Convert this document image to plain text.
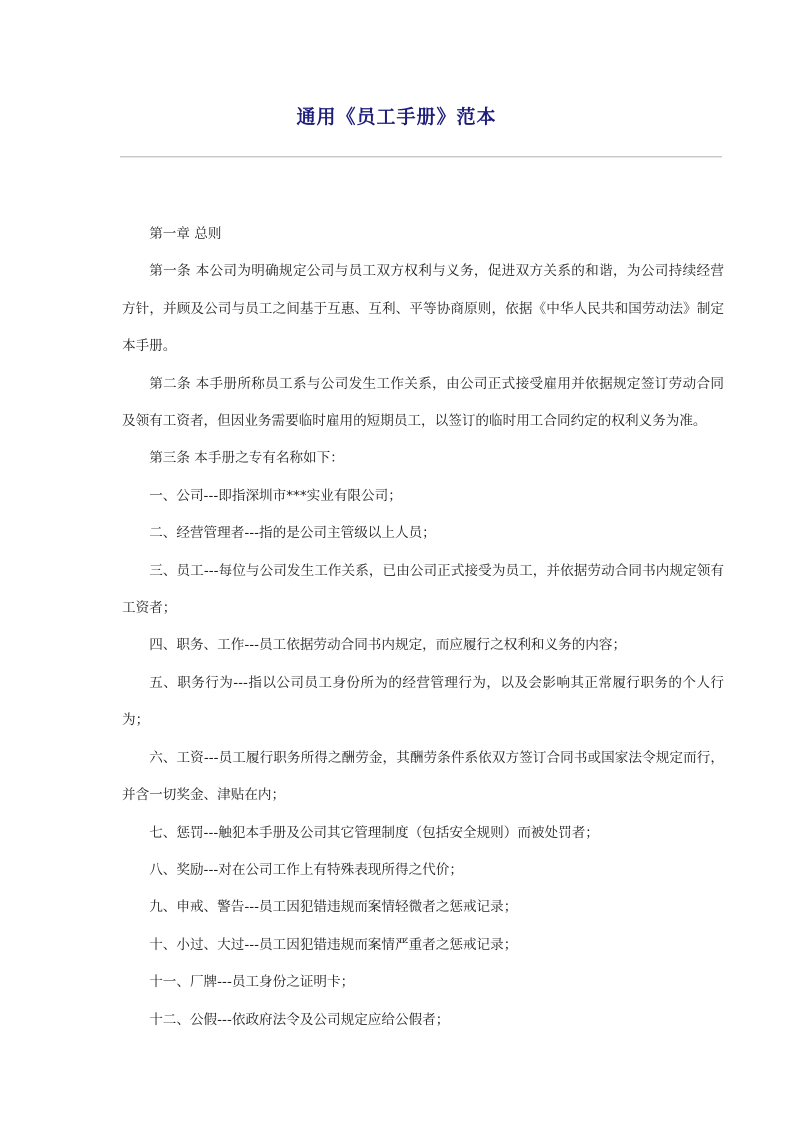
通用《员工手册》范本

第一章 总则

第一条 本公司为明确规定公司与员工双方权利与义务，促进双方关系的和谐，为公司持续经营方针，并顾及公司与员工之间基于互惠、互利、平等协商原则，依据《中华人民共和国劳动法》制定本手册。

第二条 本手册所称员工系与公司发生工作关系，由公司正式接受雇用并依据规定签订劳动合同及领有工资者，但因业务需要临时雇用的短期员工，以签订的临时用工合同约定的权利义务为准。

第三条 本手册之专有名称如下：

一、公司---即指深圳市***实业有限公司；

二、经营管理者---指的是公司主管级以上人员；

三、员工---每位与公司发生工作关系，已由公司正式接受为员工，并依据劳动合同书内规定领有工资者；

四、职务、工作---员工依据劳动合同书内规定，而应履行之权利和义务的内容；

五、职务行为---指以公司员工身份所为的经营管理行为，以及会影响其正常履行职务的个人行为；

六、工资---员工履行职务所得之酬劳金，其酬劳条件系依双方签订合同书或国家法令规定而行，并含一切奖金、津贴在内；

七、惩罚---触犯本手册及公司其它管理制度（包括安全规则）而被处罚者；

八、奖励---对在公司工作上有特殊表现所得之代价；

九、申戒、警告---员工因犯错违规而案情轻微者之惩戒记录；

十、小过、大过---员工因犯错违规而案情严重者之惩戒记录；

十一、厂牌---员工身份之证明卡；

十二、公假---依政府法令及公司规定应给公假者；
